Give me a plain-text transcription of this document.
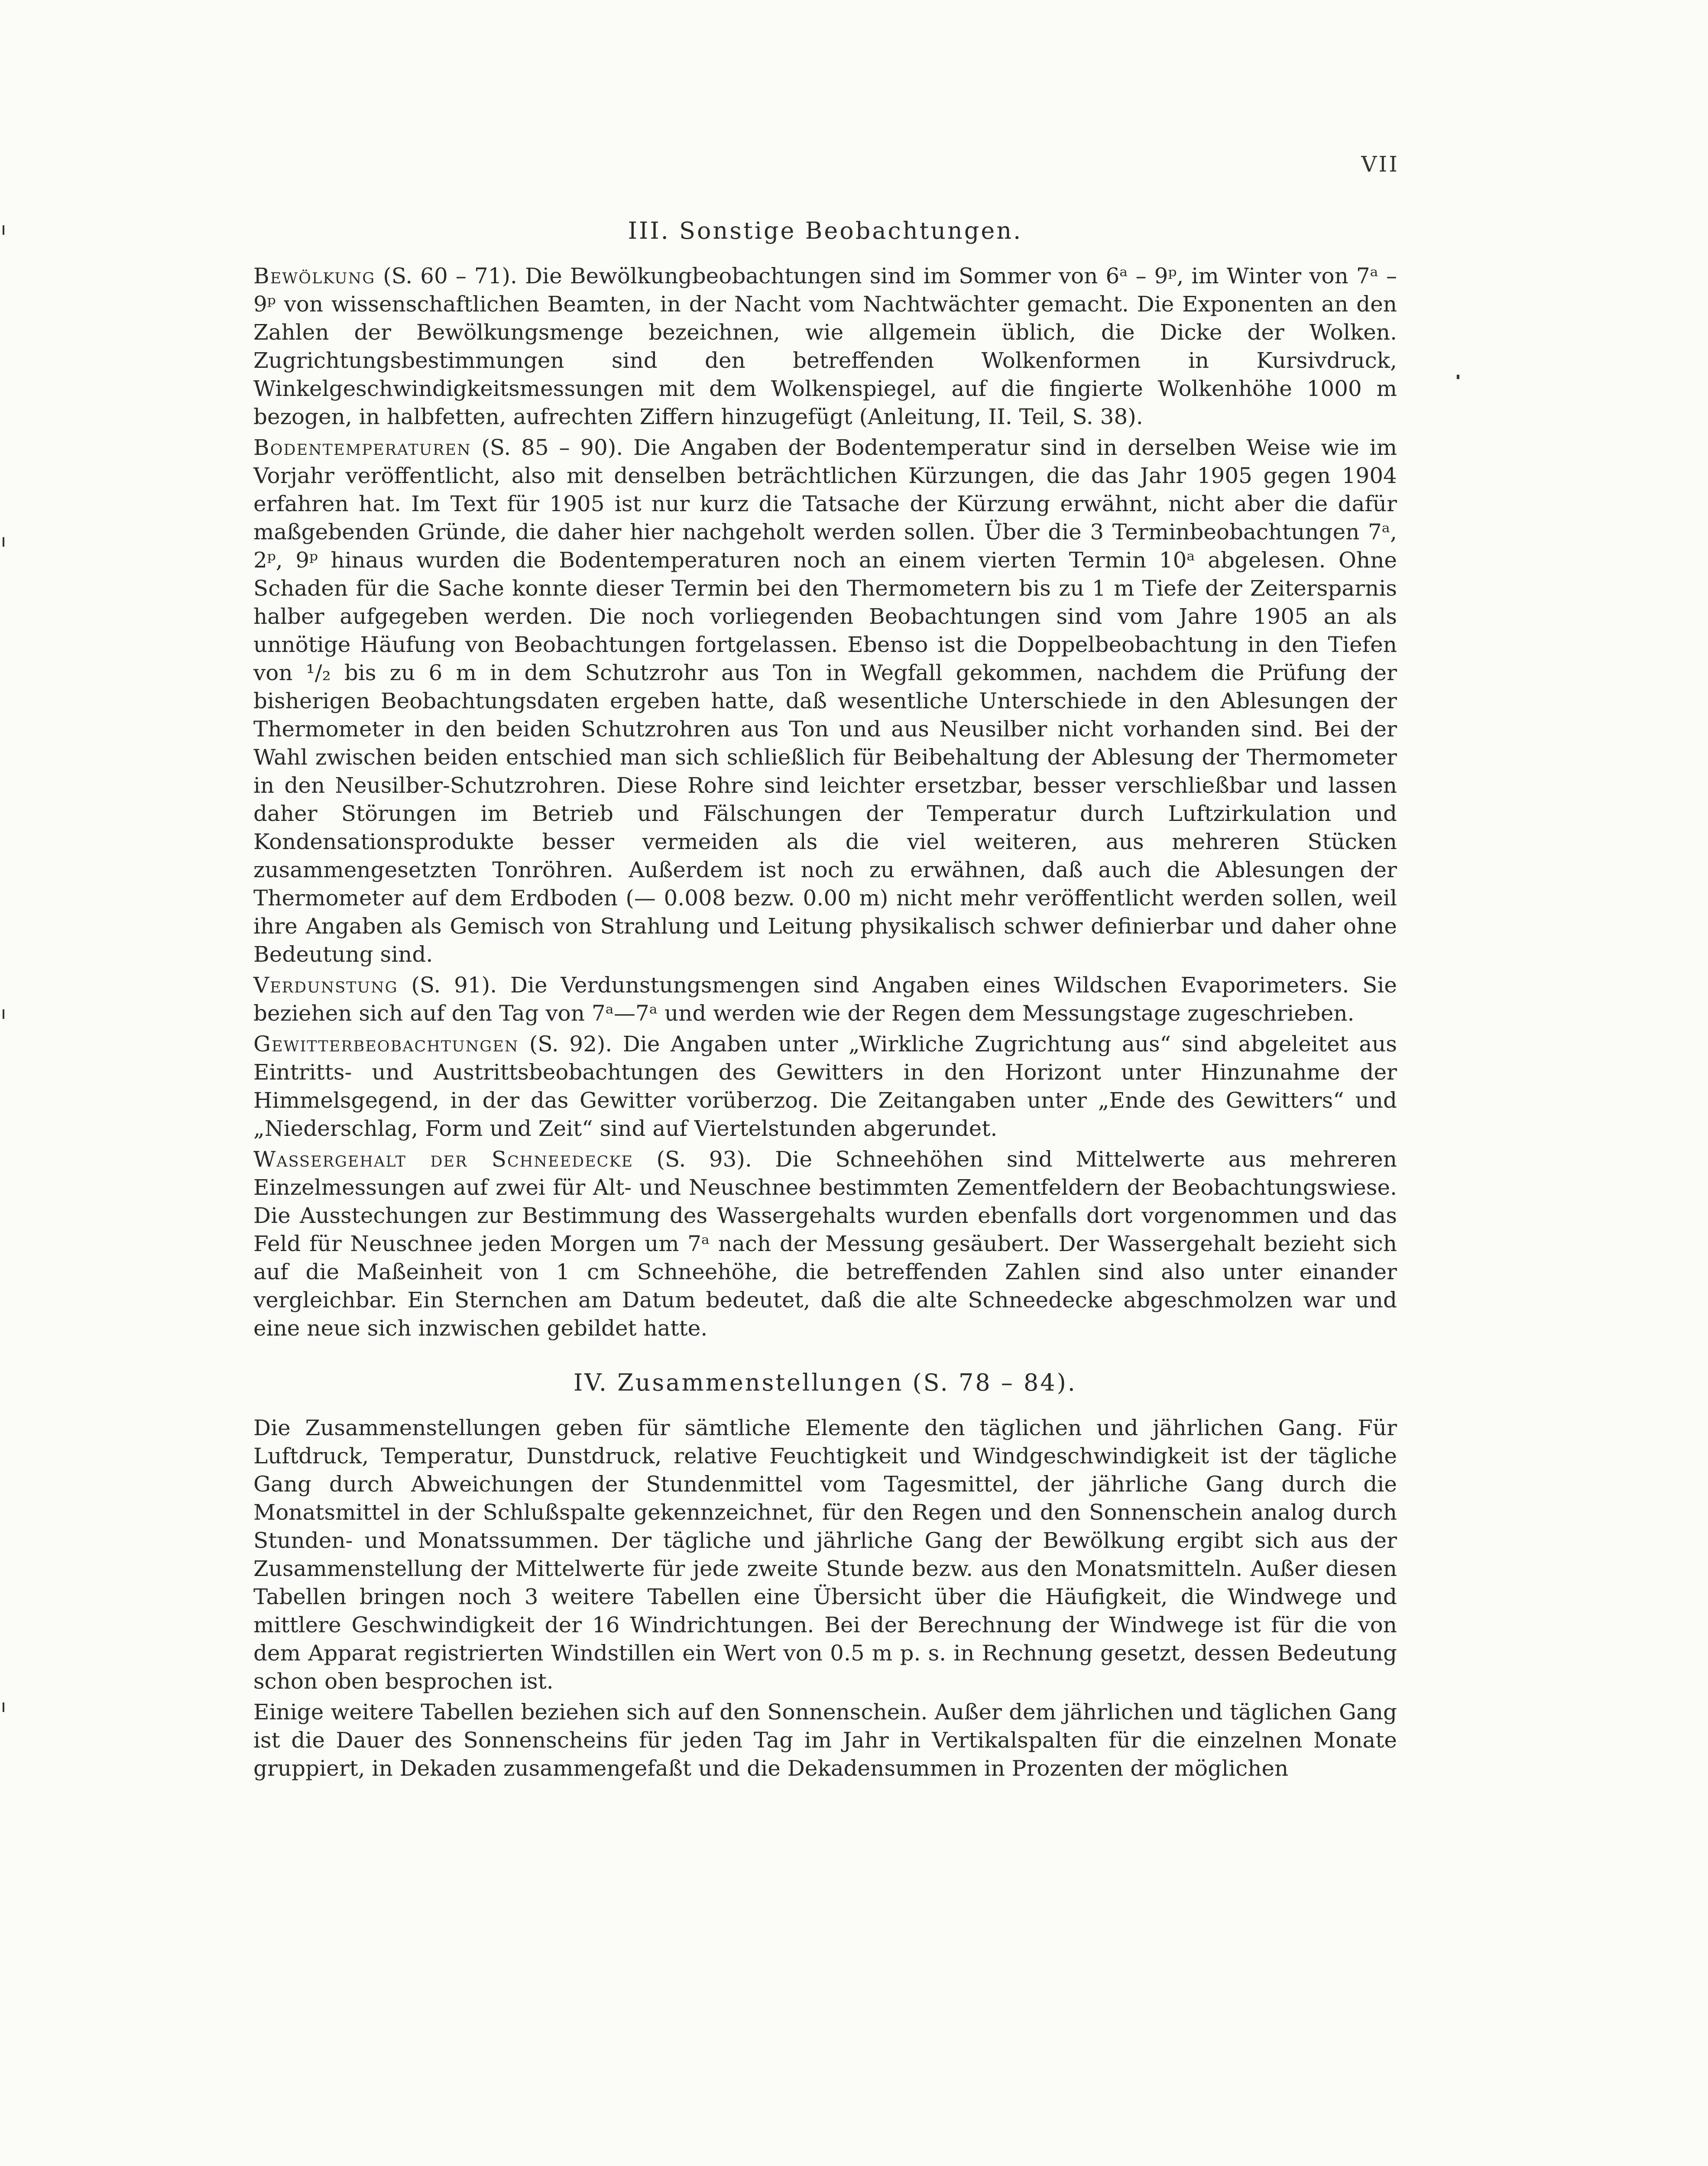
VII
III. Sonstige Beobachtungen.

Bewölkung (S. 60 – 71). Die Bewölkungbeobachtungen sind im Sommer von 6ᵃ – 9ᵖ, im Winter von 7ᵃ – 9ᵖ von wissenschaftlichen Beamten, in der Nacht vom Nachtwächter gemacht. Die Exponenten an den Zahlen der Bewölkungsmenge bezeichnen, wie allgemein üblich, die Dicke der Wolken. Zugrichtungsbestimmungen sind den betreffenden Wolkenformen in Kursivdruck, Winkelgeschwindigkeitsmessungen mit dem Wolkenspiegel, auf die fingierte Wolkenhöhe 1000 m bezogen, in halbfetten, aufrechten Ziffern hinzugefügt (Anleitung, II. Teil, S. 38).

Bodentemperaturen (S. 85 – 90). Die Angaben der Bodentemperatur sind in derselben Weise wie im Vorjahr veröffentlicht, also mit denselben beträchtlichen Kürzungen, die das Jahr 1905 gegen 1904 erfahren hat. Im Text für 1905 ist nur kurz die Tatsache der Kürzung erwähnt, nicht aber die dafür maßgebenden Gründe, die daher hier nachgeholt werden sollen. Über die 3 Terminbeobachtungen 7ᵃ, 2ᵖ, 9ᵖ hinaus wurden die Bodentemperaturen noch an einem vierten Termin 10ᵃ abgelesen. Ohne Schaden für die Sache konnte dieser Termin bei den Thermometern bis zu 1 m Tiefe der Zeitersparnis halber aufgegeben werden. Die noch vorliegenden Beobachtungen sind vom Jahre 1905 an als unnötige Häufung von Beobachtungen fortgelassen. Ebenso ist die Doppelbeobachtung in den Tiefen von ¹/₂ bis zu 6 m in dem Schutzrohr aus Ton in Wegfall gekommen, nachdem die Prüfung der bisherigen Beobachtungsdaten ergeben hatte, daß wesentliche Unterschiede in den Ablesungen der Thermometer in den beiden Schutzrohren aus Ton und aus Neusilber nicht vorhanden sind. Bei der Wahl zwischen beiden entschied man sich schließlich für Beibehaltung der Ablesung der Thermometer in den Neusilber-Schutzrohren. Diese Rohre sind leichter ersetzbar, besser verschließbar und lassen daher Störungen im Betrieb und Fälschungen der Temperatur durch Luftzirkulation und Kondensationsprodukte besser vermeiden als die viel weiteren, aus mehreren Stücken zusammengesetzten Tonröhren. Außerdem ist noch zu erwähnen, daß auch die Ablesungen der Thermometer auf dem Erdboden (— 0.008 bezw. 0.00 m) nicht mehr veröffentlicht werden sollen, weil ihre Angaben als Gemisch von Strahlung und Leitung physikalisch schwer definierbar und daher ohne Bedeutung sind.

Verdunstung (S. 91). Die Verdunstungsmengen sind Angaben eines Wildschen Evaporimeters. Sie beziehen sich auf den Tag von 7ᵃ—7ᵃ und werden wie der Regen dem Messungstage zugeschrieben.

Gewitterbeobachtungen (S. 92). Die Angaben unter „Wirkliche Zugrichtung aus“ sind abgeleitet aus Eintritts- und Austrittsbeobachtungen des Gewitters in den Horizont unter Hinzunahme der Himmelsgegend, in der das Gewitter vorüberzog. Die Zeitangaben unter „Ende des Gewitters“ und „Niederschlag, Form und Zeit“ sind auf Viertelstunden abgerundet.

Wassergehalt der Schneedecke (S. 93). Die Schneehöhen sind Mittelwerte aus mehreren Einzelmessungen auf zwei für Alt- und Neuschnee bestimmten Zementfeldern der Beobachtungswiese. Die Ausstechungen zur Bestimmung des Wassergehalts wurden ebenfalls dort vorgenommen und das Feld für Neuschnee jeden Morgen um 7ᵃ nach der Messung gesäubert. Der Wassergehalt bezieht sich auf die Maßeinheit von 1 cm Schneehöhe, die betreffenden Zahlen sind also unter einander vergleichbar. Ein Sternchen am Datum bedeutet, daß die alte Schneedecke abgeschmolzen war und eine neue sich inzwischen gebildet hatte.

IV. Zusammenstellungen (S. 78 – 84).

Die Zusammenstellungen geben für sämtliche Elemente den täglichen und jährlichen Gang. Für Luftdruck, Temperatur, Dunstdruck, relative Feuchtigkeit und Windgeschwindigkeit ist der tägliche Gang durch Abweichungen der Stundenmittel vom Tagesmittel, der jährliche Gang durch die Monatsmittel in der Schlußspalte gekennzeichnet, für den Regen und den Sonnenschein analog durch Stunden- und Monatssummen. Der tägliche und jährliche Gang der Bewölkung ergibt sich aus der Zusammenstellung der Mittelwerte für jede zweite Stunde bezw. aus den Monatsmitteln. Außer diesen Tabellen bringen noch 3 weitere Tabellen eine Übersicht über die Häufigkeit, die Windwege und mittlere Geschwindigkeit der 16 Windrichtungen. Bei der Berechnung der Windwege ist für die von dem Apparat registrierten Windstillen ein Wert von 0.5 m p. s. in Rechnung gesetzt, dessen Bedeutung schon oben besprochen ist.

Einige weitere Tabellen beziehen sich auf den Sonnenschein. Außer dem jährlichen und täglichen Gang ist die Dauer des Sonnenscheins für jeden Tag im Jahr in Vertikalspalten für die einzelnen Monate gruppiert, in Dekaden zusammengefaßt und die Dekadensummen in Prozenten der möglichen
